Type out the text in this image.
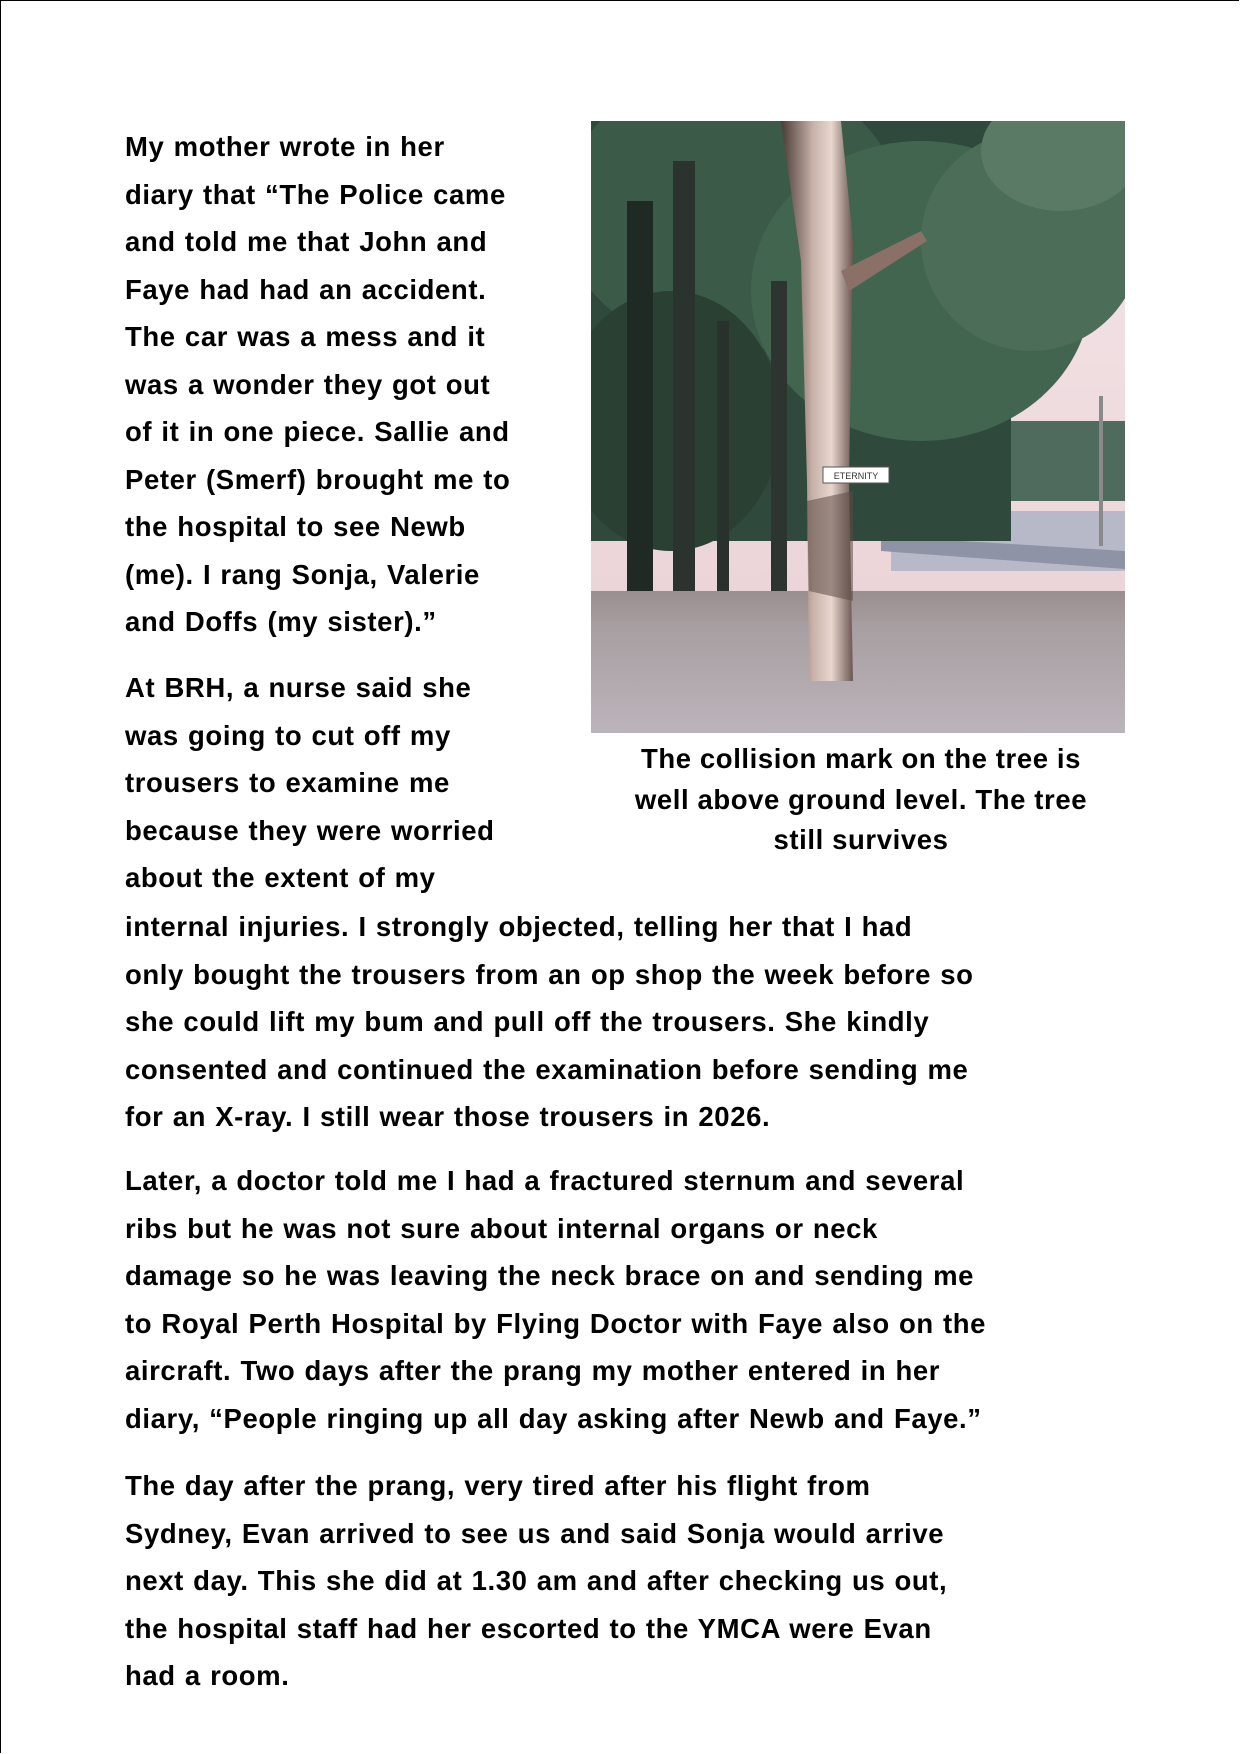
My mother wrote in her
diary that “The Police came
and told me that John and
Faye had had an accident.
The car was a mess and it
was a wonder they got out
of it in one piece. Sallie and
Peter (Smerf) brought me to
the hospital to see Newb
(me). I rang Sonja, Valerie
and Doffs (my sister).”
ETERNITY
The collision mark on the tree is
well above ground level. The tree
still survives
At BRH, a nurse said she
was going to cut off my
trousers to examine me
because they were worried
about the extent of my
internal injuries. I strongly objected, telling her that I had
only bought the trousers from an op shop the week before so
she could lift my bum and pull off the trousers. She kindly
consented and continued the examination before sending me
for an X-ray. I still wear those trousers in 2026.
Later, a doctor told me I had a fractured sternum and several
ribs but he was not sure about internal organs or neck
damage so he was leaving the neck brace on and sending me
to Royal Perth Hospital by Flying Doctor with Faye also on the
aircraft. Two days after the prang my mother entered in her
diary, “People ringing up all day asking after Newb and Faye.”
The day after the prang, very tired after his flight from
Sydney, Evan arrived to see us and said Sonja would arrive
next day. This she did at 1.30 am and after checking us out,
the hospital staff had her escorted to the YMCA were Evan
had a room.
